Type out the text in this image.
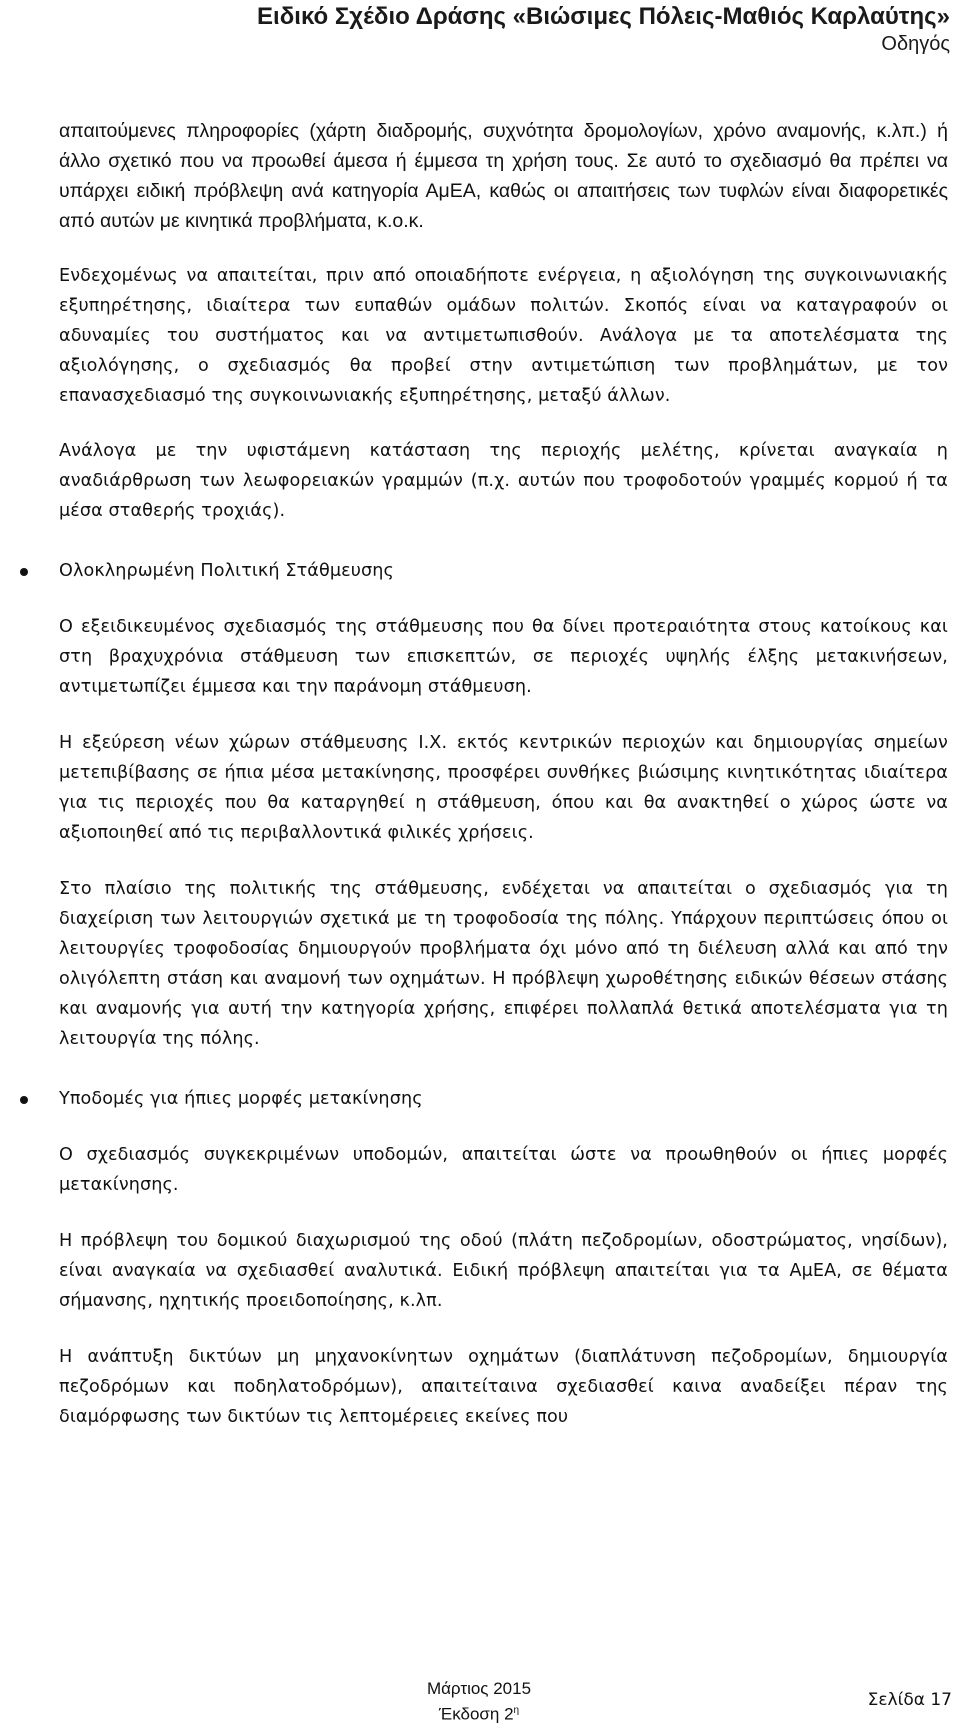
Ειδικό Σχέδιο Δράσης «Βιώσιμες Πόλεις-Μαθιός Καρλαύτης»
Οδηγός

απαιτούμενες πληροφορίες (χάρτη διαδρομής, συχνότητα δρομολογίων, χρόνο αναμονής, κ.λπ.) ή άλλο σχετικό που να προωθεί άμεσα ή έμμεσα τη χρήση τους. Σε αυτό το σχεδιασμό θα πρέπει να υπάρχει ειδική πρόβλεψη ανά κατηγορία ΑμΕΑ, καθώς οι απαιτήσεις των τυφλών είναι διαφορετικές από αυτών με κινητικά προβλήματα, κ.ο.κ.

Ενδεχομένως να απαιτείται, πριν από οποιαδήποτε ενέργεια, η αξιολόγηση της συγκοινωνιακής εξυπηρέτησης, ιδιαίτερα των ευπαθών ομάδων πολιτών. Σκοπός είναι να καταγραφούν οι αδυναμίες του συστήματος και να αντιμετωπισθούν. Ανάλογα με τα αποτελέσματα της αξιολόγησης, ο σχεδιασμός θα προβεί στην αντιμετώπιση των προβλημάτων, με τον επανασχεδιασμό της συγκοινωνιακής εξυπηρέτησης, μεταξύ άλλων.

Ανάλογα με την υφιστάμενη κατάσταση της περιοχής μελέτης, κρίνεται αναγκαία η αναδιάρθρωση των λεωφορειακών γραμμών (π.χ. αυτών που τροφοδοτούν γραμμές κορμού ή τα μέσα σταθερής τροχιάς).

Ολοκληρωμένη Πολιτική Στάθμευσης

Ο εξειδικευμένος σχεδιασμός της στάθμευσης που θα δίνει προτεραιότητα στους κατοίκους και στη βραχυχρόνια στάθμευση των επισκεπτών, σε περιοχές υψηλής έλξης μετακινήσεων, αντιμετωπίζει έμμεσα και την παράνομη στάθμευση.

Η εξεύρεση νέων χώρων στάθμευσης Ι.Χ. εκτός κεντρικών περιοχών και δημιουργίας σημείων μετεπιβίβασης σε ήπια μέσα μετακίνησης, προσφέρει συνθήκες βιώσιμης κινητικότητας ιδιαίτερα για τις περιοχές που θα καταργηθεί η στάθμευση, όπου και θα ανακτηθεί ο χώρος ώστε να αξιοποιηθεί από τις περιβαλλοντικά φιλικές χρήσεις.

Στο πλαίσιο της πολιτικής της στάθμευσης, ενδέχεται να απαιτείται ο σχεδιασμός για τη διαχείριση των λειτουργιών σχετικά με τη τροφοδοσία της πόλης. Υπάρχουν περιπτώσεις όπου οι λειτουργίες τροφοδοσίας δημιουργούν προβλήματα όχι μόνο από τη διέλευση αλλά και από την ολιγόλεπτη στάση και αναμονή των οχημάτων. Η πρόβλεψη χωροθέτησης ειδικών θέσεων στάσης και αναμονής για αυτή την κατηγορία χρήσης, επιφέρει πολλαπλά θετικά αποτελέσματα για τη λειτουργία της πόλης.

Υποδομές για ήπιες μορφές μετακίνησης

Ο σχεδιασμός συγκεκριμένων υποδομών, απαιτείται ώστε να προωθηθούν οι ήπιες μορφές μετακίνησης.

Η πρόβλεψη του δομικού διαχωρισμού της οδού (πλάτη πεζοδρομίων, οδοστρώματος, νησίδων), είναι αναγκαία να σχεδιασθεί αναλυτικά. Ειδική πρόβλεψη απαιτείται για τα ΑμΕΑ, σε θέματα σήμανσης, ηχητικής προειδοποίησης, κ.λπ.

Η ανάπτυξη δικτύων μη μηχανοκίνητων οχημάτων (διαπλάτυνση πεζοδρομίων, δημιουργία πεζοδρόμων και ποδηλατοδρόμων), απαιτείταινα σχεδιασθεί καινα αναδείξει πέραν της διαμόρφωσης των δικτύων τις λεπτομέρειες εκείνες που

Μάρτιος 2015
Έκδοση $2^\eta$
Σελίδα 17
